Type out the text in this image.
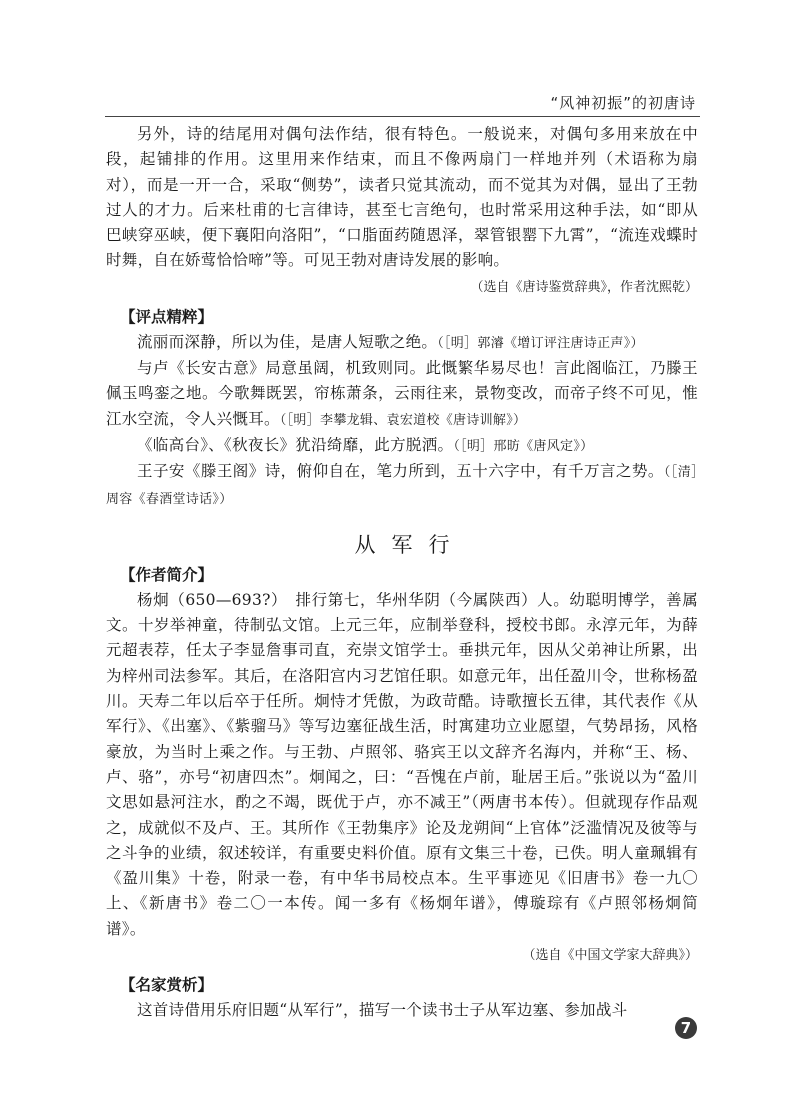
“风神初振”的初唐诗

另外，诗的结尾用对偶句法作结，很有特色。一般说来，对偶句多用来放在中段，起铺排的作用。这里用来作结束，而且不像两扇门一样地并列（术语称为扇对），而是一开一合，采取“侧势”，读者只觉其流动，而不觉其为对偶，显出了王勃过人的才力。后来杜甫的七言律诗，甚至七言绝句，也时常采用这种手法，如“即从巴峡穿巫峡，便下襄阳向洛阳”，“口脂面药随恩泽，翠管银罂下九霄”，“流连戏蝶时时舞，自在娇莺恰恰啼”等。可见王勃对唐诗发展的影响。

（选自《唐诗鉴赏辞典》，作者沈熙乾）

【评点精粹】

流丽而深静，所以为佳，是唐人短歌之绝。（［明］郭濬《增订评注唐诗正声》）

与卢《长安古意》局意虽阔，机致则同。此慨繁华易尽也！言此阁临江，乃滕王佩玉鸣銮之地。今歌舞既罢，帘栋萧条，云雨往来，景物变改，而帝子终不可见，惟江水空流，令人兴慨耳。（［明］李攀龙辑、袁宏道校《唐诗训解》）

《临高台》、《秋夜长》犹沿绮靡，此方脱洒。（［明］邢昉《唐风定》）

王子安《滕王阁》诗，俯仰自在，笔力所到，五十六字中，有千万言之势。（［清］周容《春酒堂诗话》）

从军行
【作者简介】

杨炯（650—693?）　排行第七，华州华阴（今属陕西）人。幼聪明博学，善属文。十岁举神童，待制弘文馆。上元三年，应制举登科，授校书郎。永淳元年，为薛元超表荐，任太子李显詹事司直，充崇文馆学士。垂拱元年，因从父弟神让所累，出为梓州司法参军。其后，在洛阳宫内习艺馆任职。如意元年，出任盈川令，世称杨盈川。天寿二年以后卒于任所。炯恃才凭傲，为政苛酷。诗歌擅长五律，其代表作《从军行》、《出塞》、《紫骝马》等写边塞征战生活，时寓建功立业愿望，气势昂扬，风格豪放，为当时上乘之作。与王勃、卢照邻、骆宾王以文辞齐名海内，并称“王、杨、卢、骆”，亦号“初唐四杰”。炯闻之，曰：“吾愧在卢前，耻居王后。”张说以为“盈川文思如悬河注水，酌之不竭，既优于卢，亦不减王”（两唐书本传）。但就现存作品观之，成就似不及卢、王。其所作《王勃集序》论及龙朔间“上官体”泛滥情况及彼等与之斗争的业绩，叙述较详，有重要史料价值。原有文集三十卷，已佚。明人童珮辑有《盈川集》十卷，附录一卷，有中华书局校点本。生平事迹见《旧唐书》卷一九〇上、《新唐书》卷二〇一本传。闻一多有《杨炯年谱》，傅璇琮有《卢照邻杨炯简谱》。

（选自《中国文学家大辞典》）

【名家赏析】

这首诗借用乐府旧题“从军行”，描写一个读书士子从军边塞、参加战斗

7
